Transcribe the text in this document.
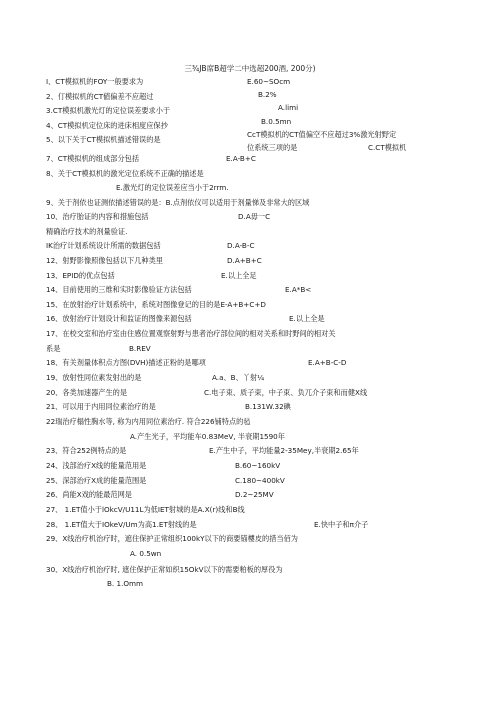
三¾JB席B超学二中选超200酒, 200分)
I、CT模拟机的FOY一般要求为	E.60~SOcm
2、仃模拟机的CT値偏差不应超过	B.2%
3.CT模拟机激光灯的定位误差要求小于	A.limi
4、CT模拟机定位床的进床相度应保抄	B.0.5mn
5、以下关于CT模拟机描述错误的是
CcT模拟机的CT值偏空不应超过3%激光射野定
位系统三项的是	C.CT模拟机
7、CT模拟机的组成部分包括	E.A-B+C
8、关于CT模拟机的激光定位系统不正确的描述是
E.激光灯的定位误差应当小于2rrm.
9、关于剂依也证测依描述错误的是：B.点剂依仪可以适用于剂量悌及非常大的区域
10、治疗胎证的内容和措施包括	D.A毋一C
精确治疗技术的剂量验证.
IK治疗计划系统设计所需的数据包括	D.A-B-C
12、射野影像照像包括以下几种类里	D.A+B+C
13、EPID的优点包括	E.以上全足
14、目前使用的三维和实时影像验证方法包括	E.A*B<
15、在放射治疗计划系统中，系统对图像登记的目的是E-A+B+C+D
16、放射治疗计划设计和监证的图像来源包括	E.以上全是
17、在校交室和治疗室由住感位置观察射野与患者治疗部位间的相对关系和时野间的相对关
系是	B.REV
18、有关剂量体积点方图(DVH)描述正粉的是哪项	E.A+B-C-D
19、放射性同位素发射出的是	A.a、B、丫射¼
20、各类加速器产生的是	C.电子束、质子束，中子束、负兀介子束和而健X线
21、可以用于内用同位素治疗的是	B.131W.32碘
22瑞治疗榻性胸水等, 称为内用同位素治疗. 符合226铺特点的毡
A.产生光子，平均能车0.83MeV, 半衰期1590年
23、符合252例特点的是	E.产生中子，平均能量2-35Mey,半衰期2.65年
24、浅部治疗X线的能量范用是	B.60~160kV
25、深部治疗X成的能量范围是	C.180~400kV
26、尚能X戏的能最范网是	D.2~25MV
27、 1.ET值小于lOkcV/U11L为低IET射城的是A.X(r)线和B线
28、 1.ET值大于IOkeV/Um为高1.ET射线的是	E.快中子和π介子
29、X线治疗机治疗时，遮住保护正常组织100kY以下的商要锚樓皮的措当佰为
A. 0.5wn
30、X线治疗机治疗时, 遮住保护正常如织15OkV以下的需要粕板的厚役为
B. 1.Omm
